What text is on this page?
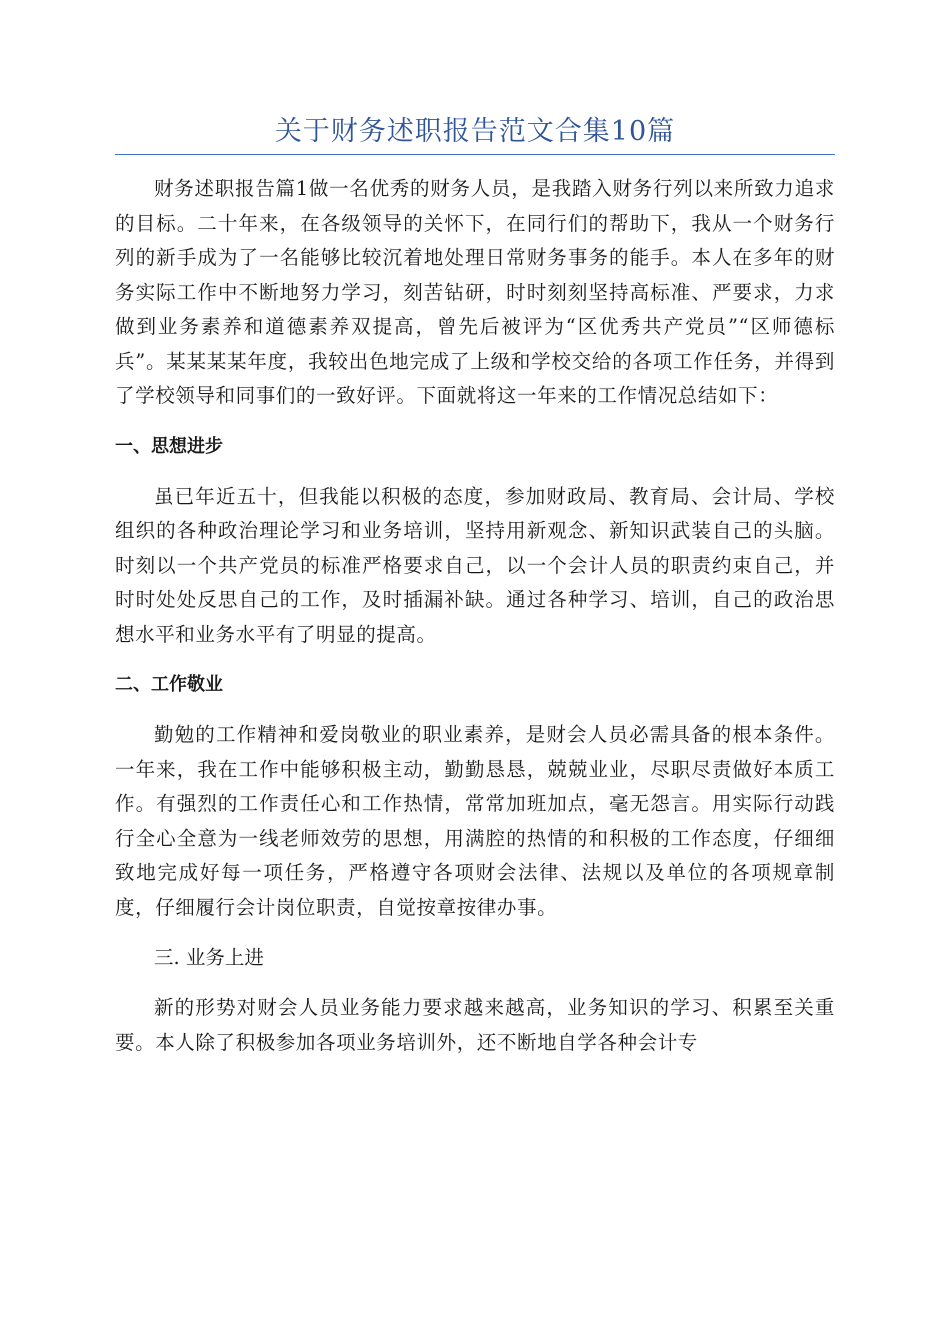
关于财务述职报告范文合集10篇

财务述职报告篇1做一名优秀的财务人员，是我踏入财务行列以来所致力追求的目标。二十年来，在各级领导的关怀下，在同行们的帮助下，我从一个财务行列的新手成为了一名能够比较沉着地处理日常财务事务的能手。本人在多年的财务实际工作中不断地努力学习，刻苦钻研，时时刻刻坚持高标准、严要求，力求做到业务素养和道德素养双提高，曾先后被评为“区优秀共产党员”“区师德标兵”。某某某某年度，我较出色地完成了上级和学校交给的各项工作任务，并得到了学校领导和同事们的一致好评。下面就将这一年来的工作情况总结如下：

一、思想进步

虽已年近五十，但我能以积极的态度，参加财政局、教育局、会计局、学校组织的各种政治理论学习和业务培训，坚持用新观念、新知识武装自己的头脑。时刻以一个共产党员的标准严格要求自己，以一个会计人员的职责约束自己，并时时处处反思自己的工作，及时插漏补缺。通过各种学习、培训，自己的政治思想水平和业务水平有了明显的提高。

二、工作敬业

勤勉的工作精神和爱岗敬业的职业素养，是财会人员必需具备的根本条件。一年来，我在工作中能够积极主动，勤勤恳恳，兢兢业业，尽职尽责做好本质工作。有强烈的工作责任心和工作热情，常常加班加点，毫无怨言。用实际行动践行全心全意为一线老师效劳的思想，用满腔的热情的和积极的工作态度，仔细细致地完成好每一项任务，严格遵守各项财会法律、法规以及单位的各项规章制度，仔细履行会计岗位职责，自觉按章按律办事。

三. 业务上进

新的形势对财会人员业务能力要求越来越高，业务知识的学习、积累至关重要。本人除了积极参加各项业务培训外，还不断地自学各种会计专
